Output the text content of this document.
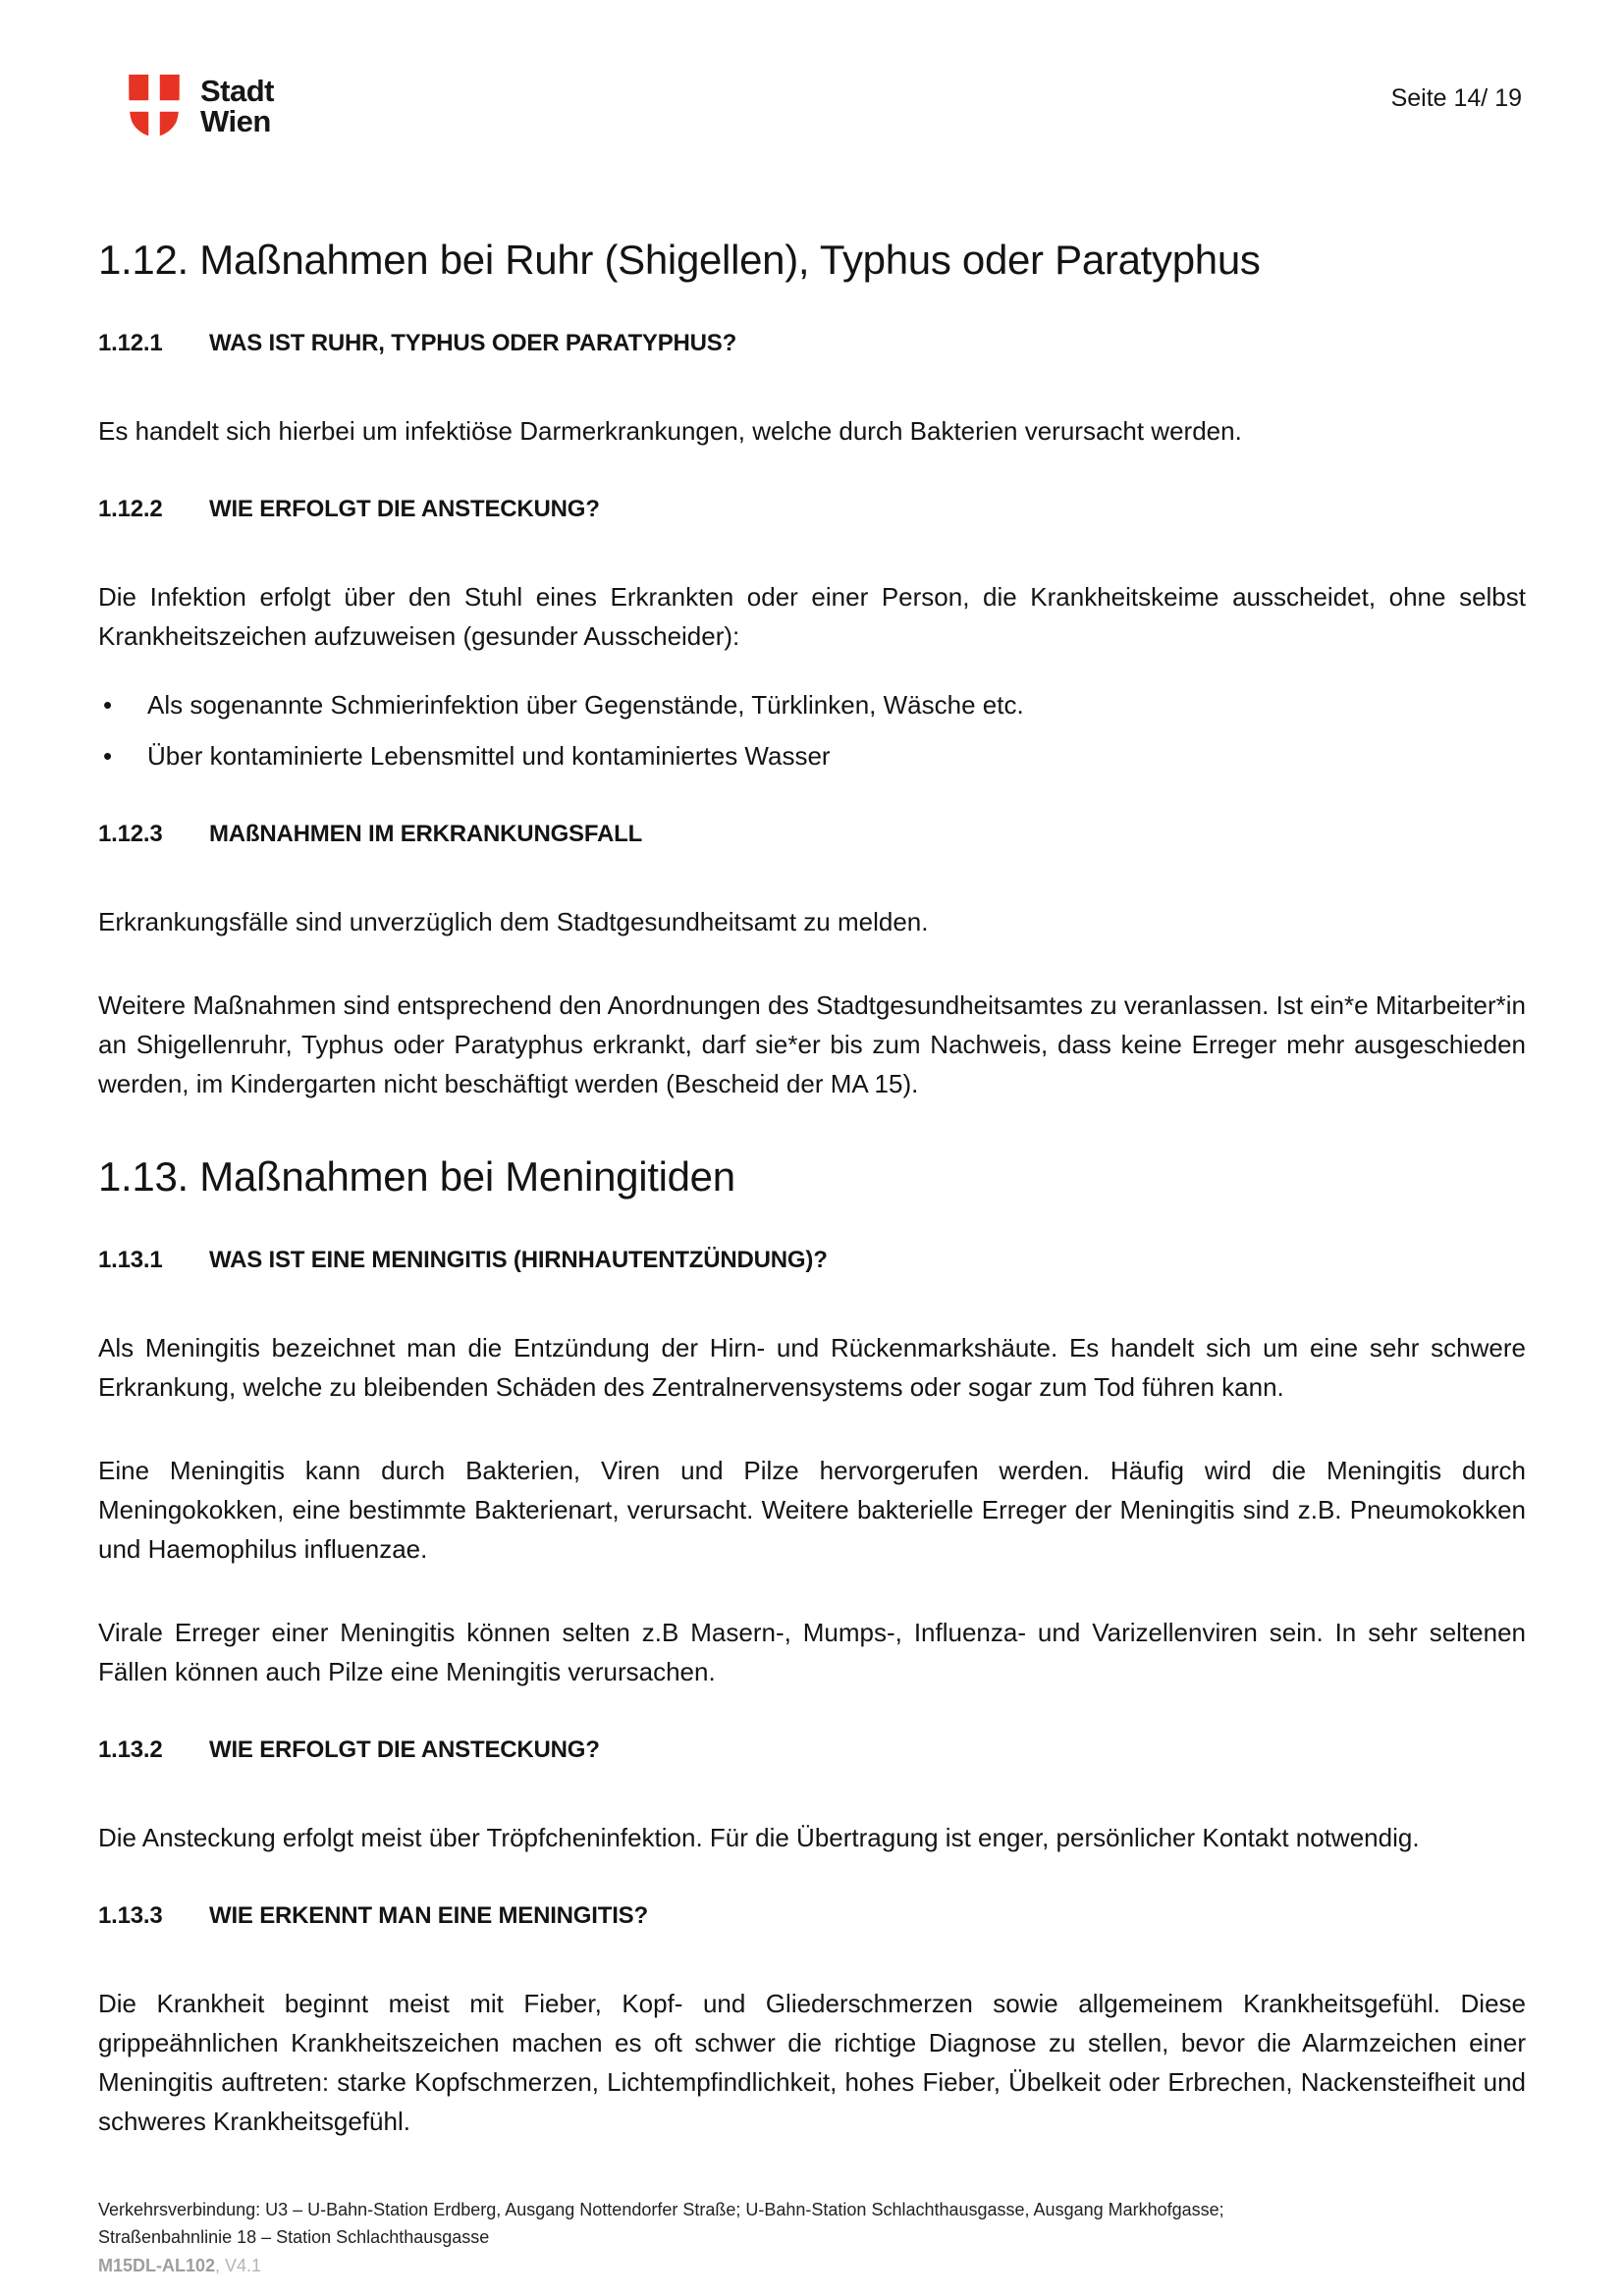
Stadt
Wien
Seite 14/ 19
1.12. Maßnahmen bei Ruhr (Shigellen), Typhus oder Paratyphus
1.12.1	WAS IST RUHR, TYPHUS ODER PARATYPHUS?

Es handelt sich hierbei um infektiöse Darmerkrankungen, welche durch Bakterien verursacht werden.

1.12.2	WIE ERFOLGT DIE ANSTECKUNG?

Die Infektion erfolgt über den Stuhl eines Erkrankten oder einer Person, die Krankheitskeime ausscheidet, ohne selbst Krankheitszeichen aufzuweisen (gesunder Ausscheider):

• Als sogenannte Schmierinfektion über Gegenstände, Türklinken, Wäsche etc.
• Über kontaminierte Lebensmittel und kontaminiertes Wasser
1.12.3	MAßNAHMEN IM ERKRANKUNGSFALL

Erkrankungsfälle sind unverzüglich dem Stadtgesundheitsamt zu melden.

Weitere Maßnahmen sind entsprechend den Anordnungen des Stadtgesundheitsamtes zu veranlassen. Ist ein*e Mitarbeiter*in an Shigellenruhr, Typhus oder Paratyphus erkrankt, darf sie*er bis zum Nachweis, dass keine Erreger mehr ausgeschieden werden, im Kindergarten nicht beschäftigt werden (Bescheid der MA 15).

1.13. Maßnahmen bei Meningitiden
1.13.1	WAS IST EINE MENINGITIS (HIRNHAUTENTZÜNDUNG)?

Als Meningitis bezeichnet man die Entzündung der Hirn- und Rückenmarkshäute. Es handelt sich um eine sehr schwere Erkrankung, welche zu bleibenden Schäden des Zentralnervensystems oder sogar zum Tod führen kann.

Eine Meningitis kann durch Bakterien, Viren und Pilze hervorgerufen werden. Häufig wird die Meningitis durch Meningokokken, eine bestimmte Bakterienart, verursacht. Weitere bakterielle Erreger der Meningitis sind z.B. Pneumokokken und Haemophilus influenzae.

Virale Erreger einer Meningitis können selten z.B Masern-, Mumps-, Influenza- und Varizellenviren sein. In sehr seltenen Fällen können auch Pilze eine Meningitis verursachen.

1.13.2	WIE ERFOLGT DIE ANSTECKUNG?

Die Ansteckung erfolgt meist über Tröpfcheninfektion. Für die Übertragung ist enger, persönlicher Kontakt notwendig.

1.13.3	WIE ERKENNT MAN EINE MENINGITIS?

Die Krankheit beginnt meist mit Fieber, Kopf- und Gliederschmerzen sowie allgemeinem Krankheitsgefühl. Diese grippeähnlichen Krankheitszeichen machen es oft schwer die richtige Diagnose zu stellen, bevor die Alarmzeichen einer Meningitis auftreten: starke Kopfschmerzen, Lichtempfindlichkeit, hohes Fieber, Übelkeit oder Erbrechen, Nackensteifheit und schweres Krankheitsgefühl.

Verkehrsverbindung: U3 – U-Bahn-Station Erdberg, Ausgang Nottendorfer Straße; U-Bahn-Station Schlachthausgasse, Ausgang Markhofgasse;
Straßenbahnlinie 18 – Station Schlachthausgasse
M15DL-AL102, V4.1
